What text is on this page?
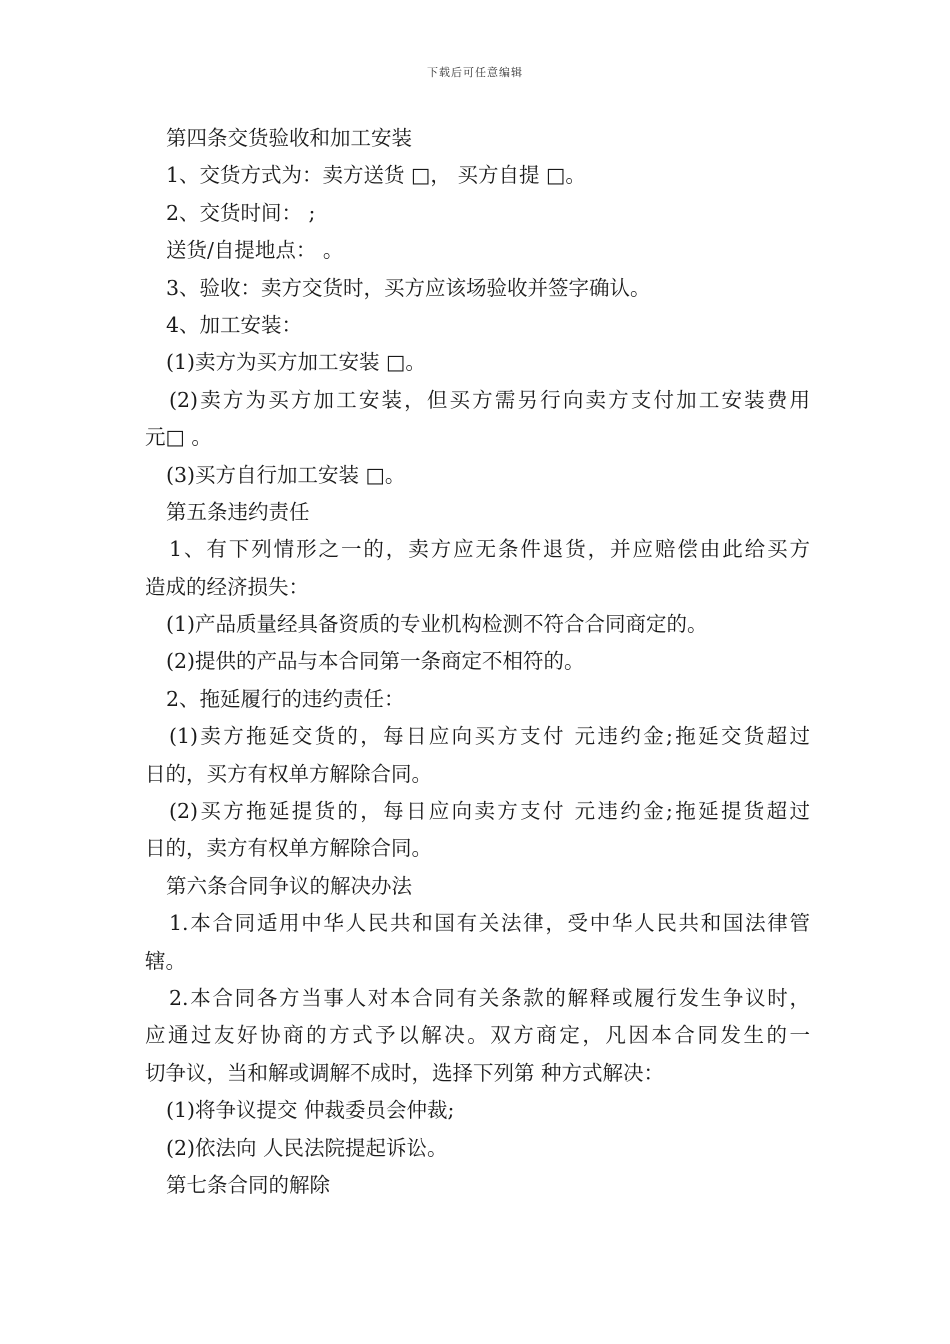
下载后可任意编辑
第四条交货验收和加工安装
1、交货方式为：卖方送货 □， 买方自提 □。
2、交货时间： ;
送货/自提地点： 。
3、验收：卖方交货时，买方应该场验收并签字确认。
4、加工安装：
(1)卖方为买方加工安装 □。
(2)卖方为买方加工安装，但买方需另行向卖方支付加工安装费用
元□ 。
(3)买方自行加工安装 □。
第五条违约责任
1、有下列情形之一的，卖方应无条件退货，并应赔偿由此给买方
造成的经济损失：
(1)产品质量经具备资质的专业机构检测不符合合同商定的。
(2)提供的产品与本合同第一条商定不相符的。
2、拖延履行的违约责任：
(1)卖方拖延交货的，每日应向买方支付 元违约金;拖延交货超过
日的，买方有权单方解除合同。
(2)买方拖延提货的，每日应向卖方支付 元违约金;拖延提货超过
日的，卖方有权单方解除合同。
第六条合同争议的解决办法
1.本合同适用中华人民共和国有关法律，受中华人民共和国法律管
辖。
2.本合同各方当事人对本合同有关条款的解释或履行发生争议时，
应通过友好协商的方式予以解决。双方商定，凡因本合同发生的一
切争议，当和解或调解不成时，选择下列第 种方式解决：
(1)将争议提交 仲裁委员会仲裁;
(2)依法向 人民法院提起诉讼。
第七条合同的解除
